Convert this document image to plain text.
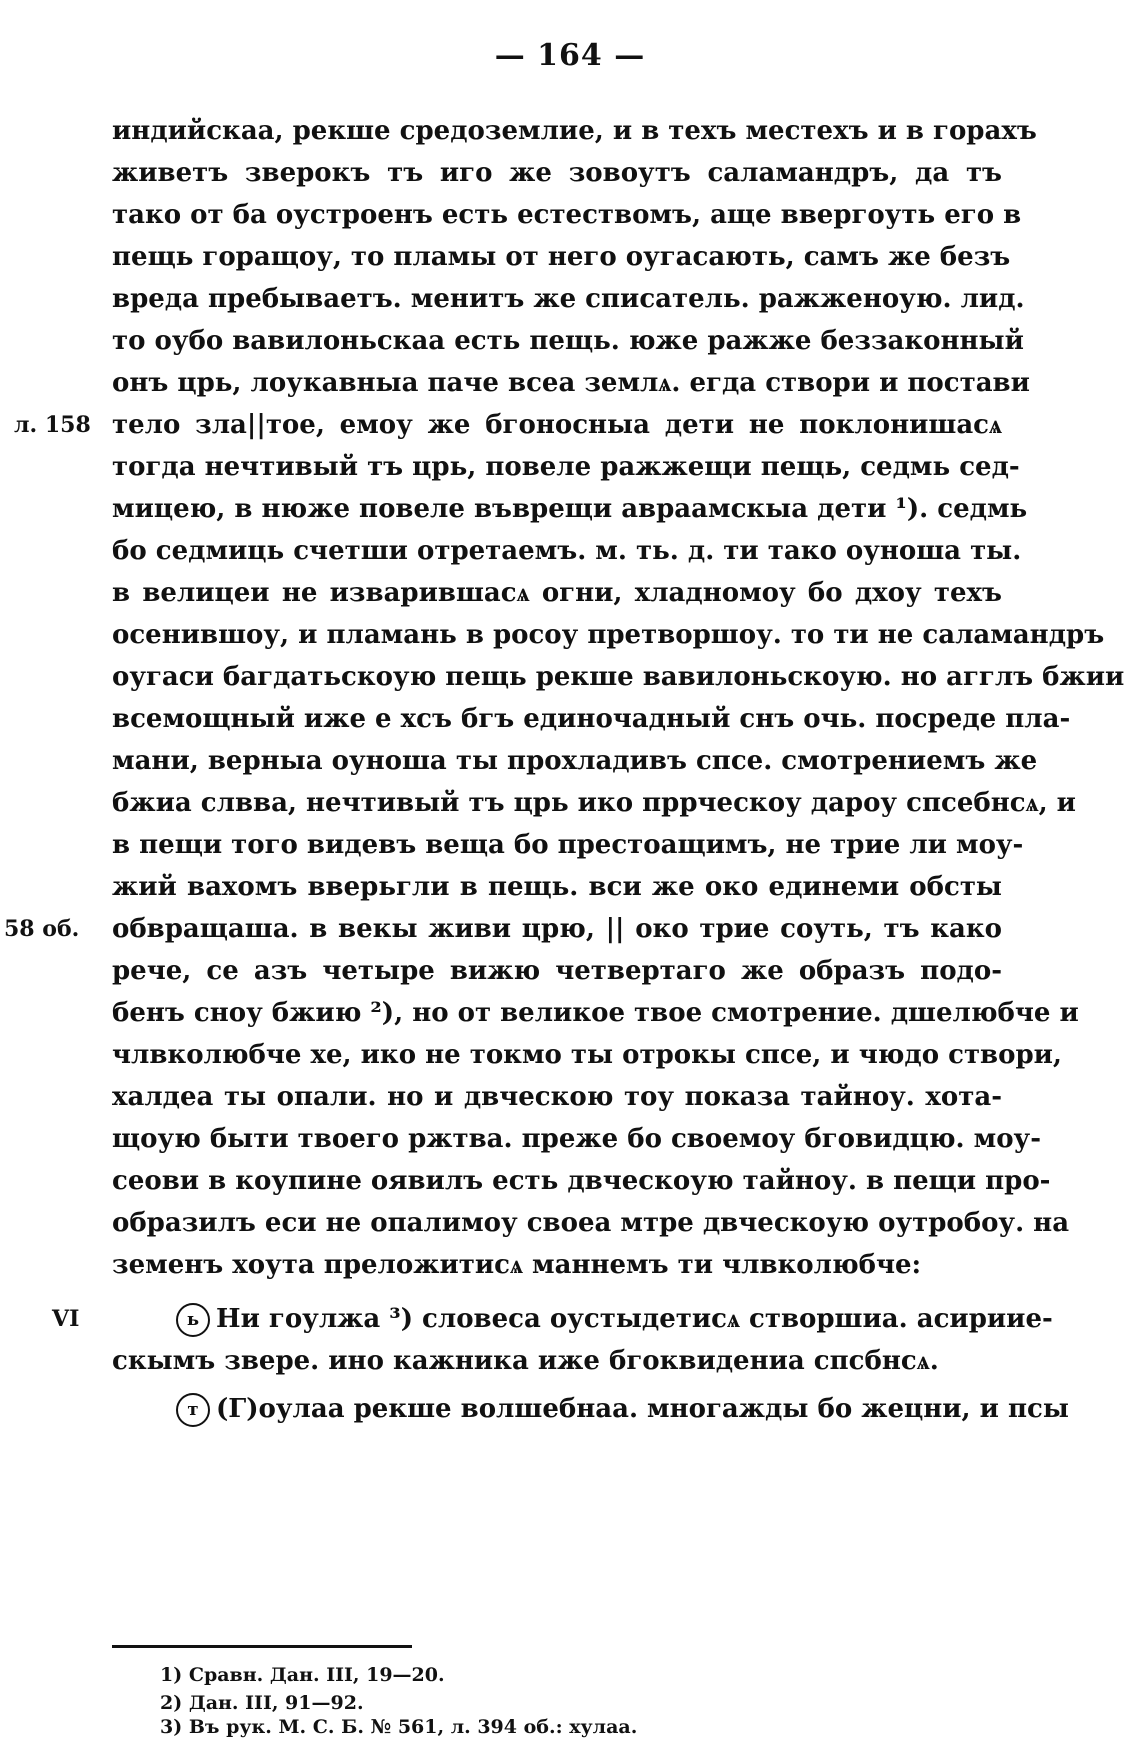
— 164 —
индийскаа, рекше средоземлие, и в техъ местехъ и в горахъ
живетъ зверокъ тъ иго же зовоутъ саламандръ, да тъ
тако от ба оустроенъ есть естествомъ, аще ввергоуть его в
пещь горащоу, то пламы от него оугасають, самъ же безъ
вреда пребываетъ. менитъ же списатель. ражженоую. лид.
то оубо вавилоньскаа есть пещь. юже ражже беззаконный
онъ црь, лоукавныа паче всеа землѧ. егда створи и постави
тело зла||тое, емоу же бгоносныа дети не поклонишасѧ
тогда нечтивый тъ црь, повеле ражжещи пещь, седмь сед-
мицею, в нюже повеле въврещи авраамскыа дети ¹). седмь
бо седмиць счетши отретаемъ. м. ть. д. ти тако оуноша ты.
в велицеи не изварившасѧ огни, хладномоу бо дхоу техъ
осенившоу, и пламань в росоу претворшоу. то ти не саламандръ
оугаси багдатьскоую пещь рекше вавилоньскоую. но агглъ бжии
всемощный иже е хсъ бгъ единочадный снъ очь. посреде пла-
мани, верныа оуноша ты прохладивъ спсе. смотрениемъ же
бжиа слвва, нечтивый тъ црь ико пррческоу дароу спсебнсѧ, и
в пещи того видевъ веща бо престоащимъ, не трие ли моу-
жий вахомъ вверьгли в пещь. вси же око единеми обсты
обвращаша. в векы живи црю, || око трие соуть, тъ како
рече, се азъ четыре вижю четвертаго же образъ подо-
бенъ сноу бжию ²), но от великое твое смотрение. дшелюбче и
члвколюбче хе, ико не токмо ты отрокы спсе, и чюдо створи,
халдеа ты опали. но и двческою тоу показа тайноу. хота-
щоую быти твоего ржтва. преже бо своемоу бговидцю. моу-
сеови в коупине оявилъ есть двческоую тайноу. в пещи про-
образилъ еси не опалимоу своеа мтре двческоую оутробоу. на
земенъ хоута преложитисѧ маннемъ ти члвколюбче:
ь Ни гоулжа ³) словеса оустыдетисѧ створшиа. асириие-
скымъ звере. ино кажника иже бгоквидениа спсбнсѧ.
т (Г)оулаа рекше волшебнаа. многажды бо жецни, и псы
л. 158
58 об.
VI
1) Сравн. Дан. III, 19—20.
2) Дан. III, 91—92.
3) Въ рук. М. С. Б. № 561, л. 394 об.: хулаа.
